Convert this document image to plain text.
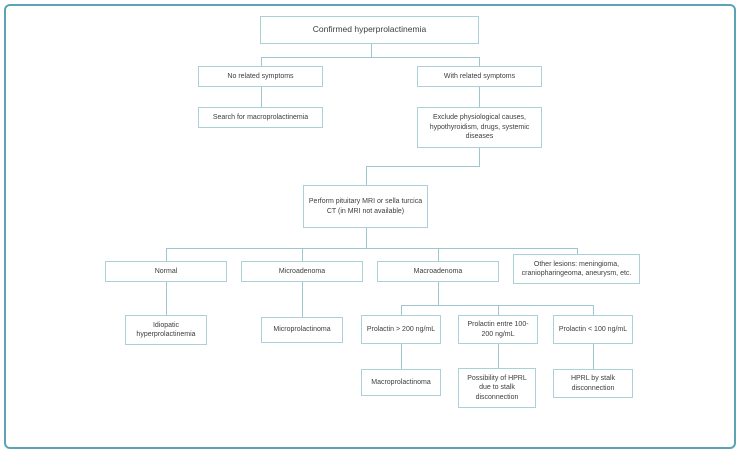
Confirmed hyperprolactinemia
No related symptoms	With related symptoms
Search for macroprolactinemia	Exclude physiological causes, hypothyroidism, drugs, systemic diseases
Perform pituitary MRI or sella turcica CT (in MRI not available)
Normal	Microadenoma	Macroadenoma
Other lesions: meningioma, craniopharingeoma, aneurysm, etc.
Idiopatic hyperprolactinemia
Microprolactinoma	Prolactin > 200 ng/mL
Prolactin entre 100-200 ng/mL
Prolactin < 100 ng/mL
Macroprolactinoma
Possibility of HPRL due to stalk disconnection
HPRL by stalk disconnection
